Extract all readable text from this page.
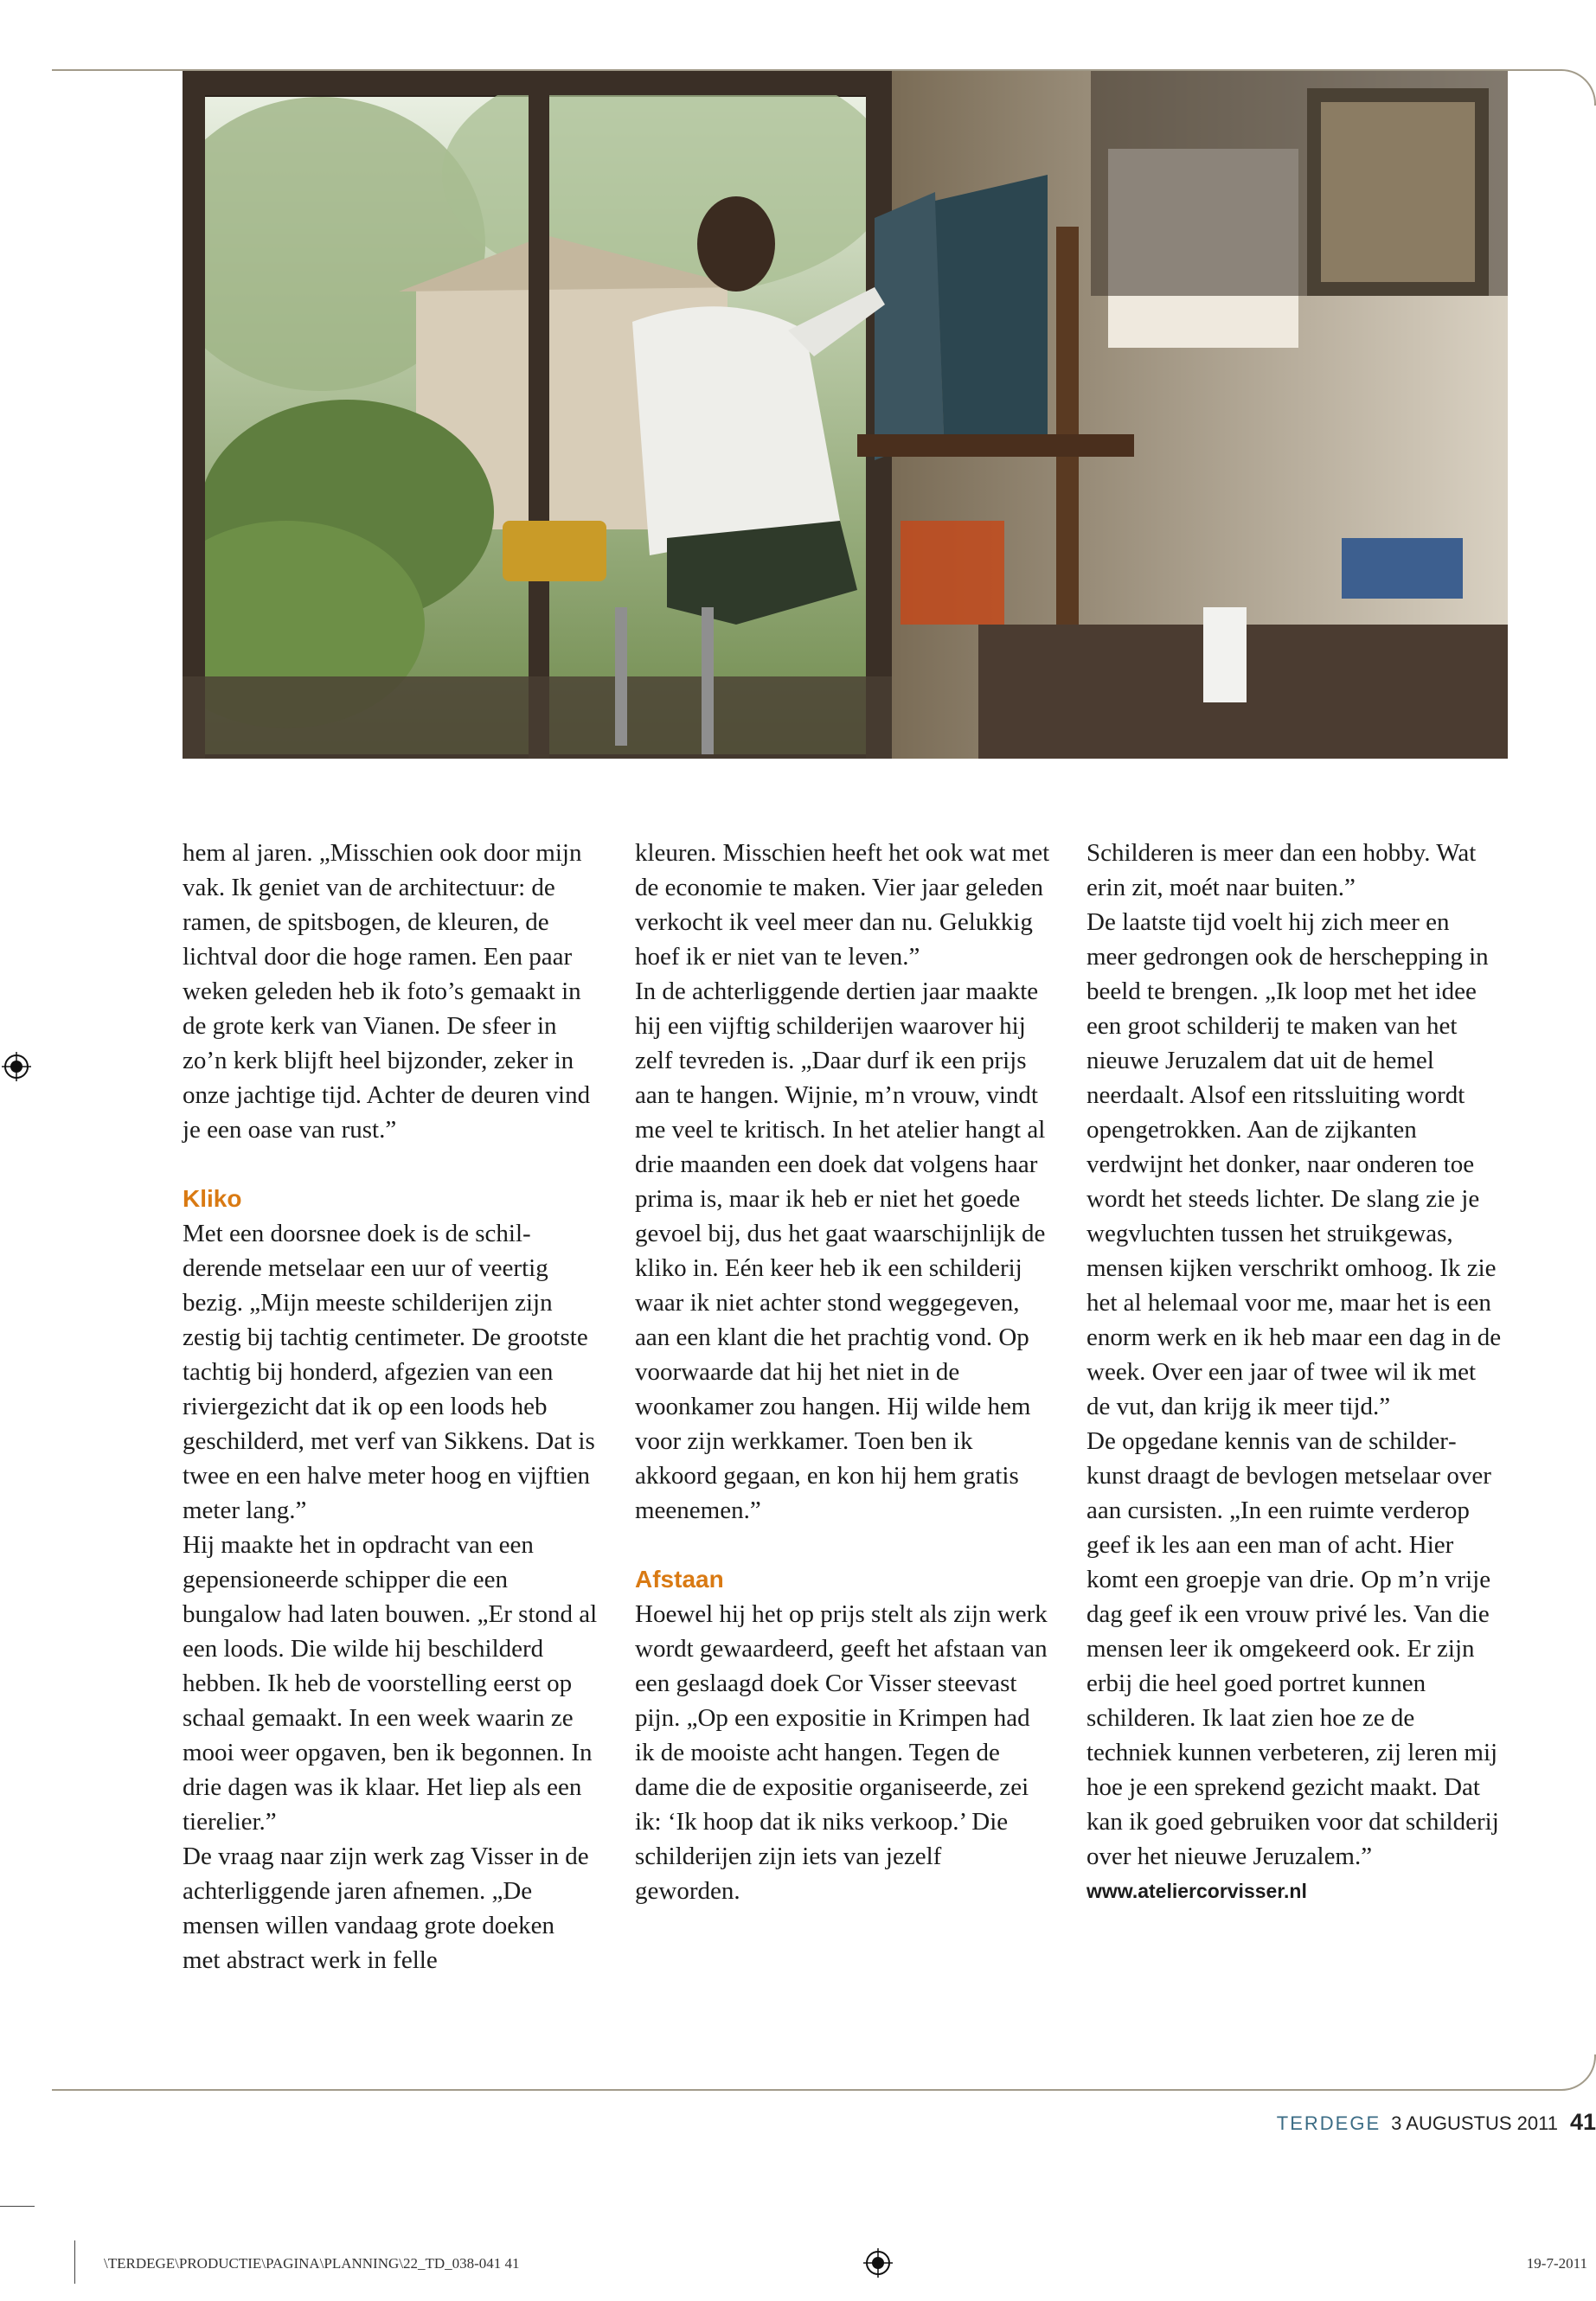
hem al jaren. „Misschien ook door mijn vak. Ik geniet van de architectuur: de ramen, de spitsbogen, de kleuren, de lichtval door die hoge ramen. Een paar weken geleden heb ik foto’s gemaakt in de grote kerk van Vianen. De sfeer in zo’n kerk blijft heel bijzonder, zeker in onze jachtige tijd. Achter de deuren vind je een oase van rust.”

Kliko

Met een doorsnee doek is de schilderende metselaar een uur of veertig bezig. „Mijn meeste schilderijen zijn zestig bij tachtig centimeter. De grootste tachtig bij honderd, afgezien van een riviergezicht dat ik op een loods heb geschilderd, met verf van Sikkens. Dat is twee en een halve meter hoog en vijftien meter lang.”

Hij maakte het in opdracht van een gepensioneerde schipper die een bungalow had laten bouwen. „Er stond al een loods. Die wilde hij beschilderd hebben. Ik heb de voorstelling eerst op schaal gemaakt. In een week waarin ze mooi weer opgaven, ben ik begonnen. In drie dagen was ik klaar. Het liep als een tierelier.”

De vraag naar zijn werk zag Visser in de achterliggende jaren afnemen. „De mensen willen vandaag grote doeken met abstract werk in felle

kleuren. Misschien heeft het ook wat met de economie te maken. Vier jaar geleden verkocht ik veel meer dan nu. Gelukkig hoef ik er niet van te leven.”

In de achterliggende dertien jaar maakte hij een vijftig schilderijen waarover hij zelf tevreden is. „Daar durf ik een prijs aan te hangen. Wijnie, m’n vrouw, vindt me veel te kritisch. In het atelier hangt al drie maanden een doek dat volgens haar prima is, maar ik heb er niet het goede gevoel bij, dus het gaat waarschijnlijk de kliko in. Eén keer heb ik een schilderij waar ik niet achter stond weggegeven, aan een klant die het prachtig vond. Op voorwaarde dat hij het niet in de woonkamer zou hangen. Hij wilde hem voor zijn werkkamer. Toen ben ik akkoord gegaan, en kon hij hem gratis meenemen.”

Afstaan

Hoewel hij het op prijs stelt als zijn werk wordt gewaardeerd, geeft het afstaan van een geslaagd doek Cor Visser steevast pijn. „Op een expositie in Krimpen had ik de mooiste acht hangen. Tegen de dame die de expositie organiseerde, zei ik: ‘Ik hoop dat ik niks verkoop.’ Die schilderijen zijn iets van jezelf geworden.

Schilderen is meer dan een hobby. Wat erin zit, moét naar buiten.”

De laatste tijd voelt hij zich meer en meer gedrongen ook de herschepping in beeld te brengen. „Ik loop met het idee een groot schilderij te maken van het nieuwe Jeruzalem dat uit de hemel neerdaalt. Alsof een ritssluiting wordt opengetrokken. Aan de zijkanten verdwijnt het donker, naar onderen toe wordt het steeds lichter. De slang zie je wegvluchten tussen het struikgewas, mensen kijken verschrikt omhoog. Ik zie het al helemaal voor me, maar het is een enorm werk en ik heb maar een dag in de week. Over een jaar of twee wil ik met de vut, dan krijg ik meer tijd.”

De opgedane kennis van de schilderkunst draagt de bevlogen metselaar over aan cursisten. „In een ruimte verderop geef ik les aan een man of acht. Hier komt een groepje van drie. Op m’n vrije dag geef ik een vrouw privé les. Van die mensen leer ik omgekeerd ook. Er zijn erbij die heel goed portret kunnen schilderen. Ik laat zien hoe ze de techniek kunnen verbeteren, zij leren mij hoe je een sprekend gezicht maakt. Dat kan ik goed gebruiken voor dat schilderij over het nieuwe Jeruzalem.”

www.ateliercorvisser.nl
TERDEGE 3 AUGUSTUS 2011 41
\TERDEGE\PRODUCTIE\PAGINA\PLANNING\22_TD_038-041 41	19-7-2011
